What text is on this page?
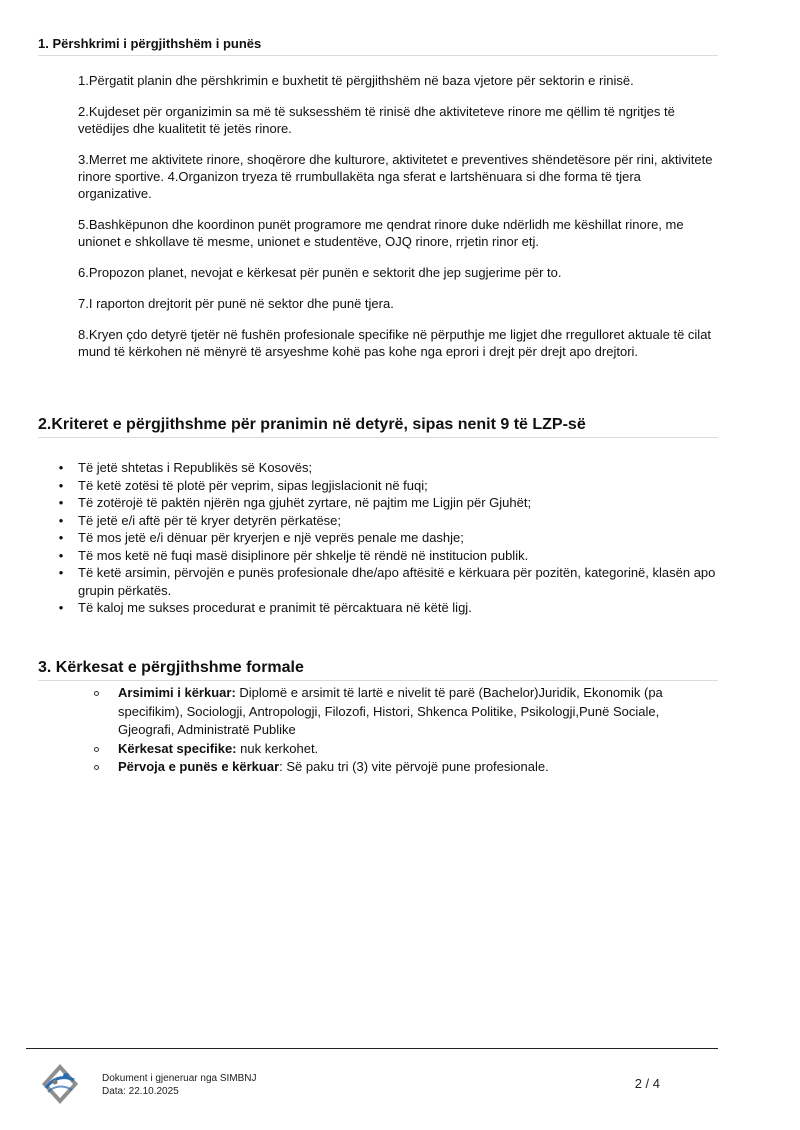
1. Përshkrimi i përgjithshëm i punës

1.Përgatit planin dhe përshkrimin e buxhetit të përgjithshëm në baza vjetore për sektorin e rinisë.

2.Kujdeset për organizimin sa më të suksesshëm të rinisë dhe aktiviteteve rinore me qëllim të ngritjes të vetëdijes dhe kualitetit të jetës rinore.

3.Merret me aktivitete rinore, shoqërore dhe kulturore, aktivitetet e preventives shëndetësore për rini, aktivitete rinore sportive. 4.Organizon tryeza të rrumbullakëta nga sferat e lartshënuara si dhe forma të tjera organizative.

5.Bashkëpunon dhe koordinon punët programore me qendrat rinore duke ndërlidh me këshillat rinore, me unionet e shkollave të mesme, unionet e studentëve, OJQ rinore, rrjetin rinor etj.

6.Propozon planet, nevojat e kërkesat për punën e sektorit dhe jep sugjerime për to.

7.I raporton drejtorit për punë në sektor dhe punë tjera.

8.Kryen çdo detyrë tjetër në fushën profesionale specifike në përputhje me ligjet dhe rregulloret aktuale të cilat mund të kërkohen në mënyrë të arsyeshme kohë pas kohe nga eprori i drejt për drejt apo drejtori.

2.Kriteret e përgjithshme për pranimin në detyrë, sipas nenit 9 të LZP-së
• Të jetë shtetas i Republikës së Kosovës;
• Të ketë zotësi të plotë për veprim, sipas legjislacionit në fuqi;
• Të zotërojë të paktën njërën nga gjuhët zyrtare, në pajtim me Ligjin për Gjuhët;
• Të jetë e/i aftë për të kryer detyrën përkatëse;
• Të mos jetë e/i dënuar për kryerjen e një veprës penale me dashje;
• Të mos ketë në fuqi masë disiplinore për shkelje të rëndë në institucion publik.
• Të ketë arsimin, përvojën e punës profesionale dhe/apo aftësitë e kërkuara për pozitën, kategorinë, klasën apo grupin përkatës.
• Të kaloj me sukses procedurat e pranimit të përcaktuara në këtë ligj.
3. Kërkesat e përgjithshme formale
Arsimimi i kërkuar: Diplomë e arsimit të lartë e nivelit të parë (Bachelor)Juridik, Ekonomik (pa specifikim), Sociologji, Antropologji, Filozofi, Histori, Shkenca Politike, Psikologji,Punë Sociale, Gjeografi, Administratë Publike
Kërkesat specifike: nuk kerkohet.
Përvoja e punës e kërkuar: Së paku tri (3) vite përvojë pune profesionale.
Dokument i gjeneruar nga SIMBNJ
Data: 22.10.2025
2 / 4
